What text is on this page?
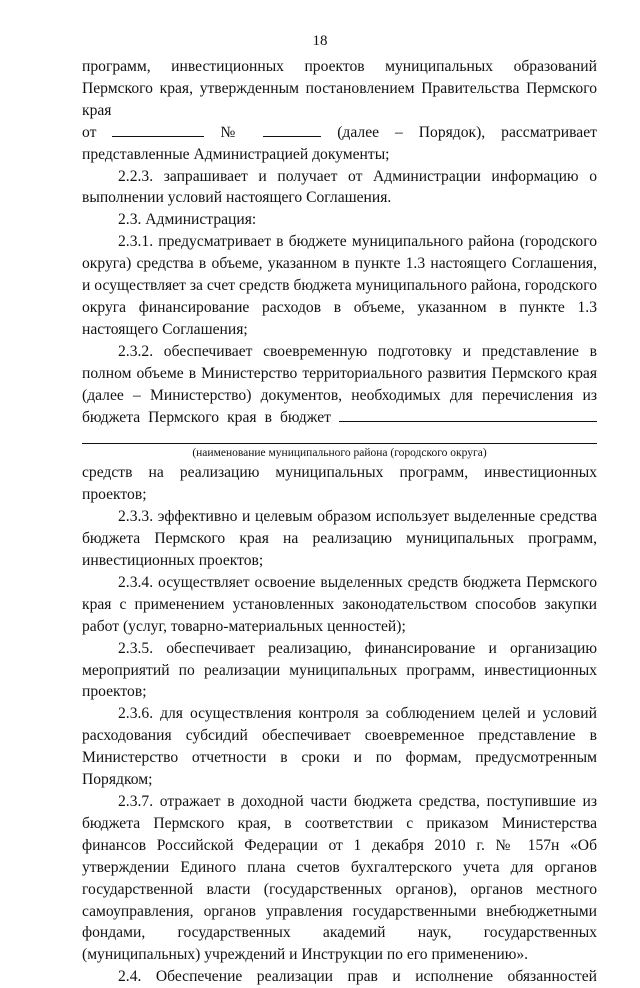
18

программ, инвестиционных проектов муниципальных образований Пермского края, утвержденным постановлением Правительства Пермского края

от	№	(далее – Порядок), рассматривает представленные Администрацией документы;

2.2.3. запрашивает и получает от Администрации информацию о выполнении условий настоящего Соглашения.

2.3. Администрация:

2.3.1. предусматривает в бюджете муниципального района (городского округа) средства в объеме, указанном в пункте 1.3 настоящего Соглашения, и осуществляет за счет средств бюджета муниципального района, городского округа финансирование расходов в объеме, указанном в пункте 1.3 настоящего Соглашения;

2.3.2. обеспечивает своевременную подготовку и представление в полном объеме в Министерство территориального развития Пермского края (далее – Министерство) документов, необходимых для перечисления из бюджета Пермского края в бюджет

(наименование муниципального района (городского округа)

средств на реализацию муниципальных программ, инвестиционных проектов;

2.3.3. эффективно и целевым образом использует выделенные средства бюджета Пермского края на реализацию муниципальных программ, инвестиционных проектов;

2.3.4. осуществляет освоение выделенных средств бюджета Пермского края с применением установленных законодательством способов закупки работ (услуг, товарно-материальных ценностей);

2.3.5. обеспечивает реализацию, финансирование и организацию мероприятий по реализации муниципальных программ, инвестиционных проектов;

2.3.6. для осуществления контроля за соблюдением целей и условий расходования субсидий обеспечивает своевременное представление в Министерство отчетности в сроки и по формам, предусмотренным Порядком;

2.3.7. отражает в доходной части бюджета средства, поступившие из бюджета Пермского края, в соответствии с приказом Министерства финансов Российской Федерации от 1 декабря 2010 г. № 157н «Об утверждении Единого плана счетов бухгалтерского учета для органов государственной власти (государственных органов), органов местного самоуправления, органов управления государственными внебюджетными фондами, государственных академий наук, государственных (муниципальных) учреждений и Инструкции по его применению».

2.4. Обеспечение реализации прав и исполнение обязанностей
